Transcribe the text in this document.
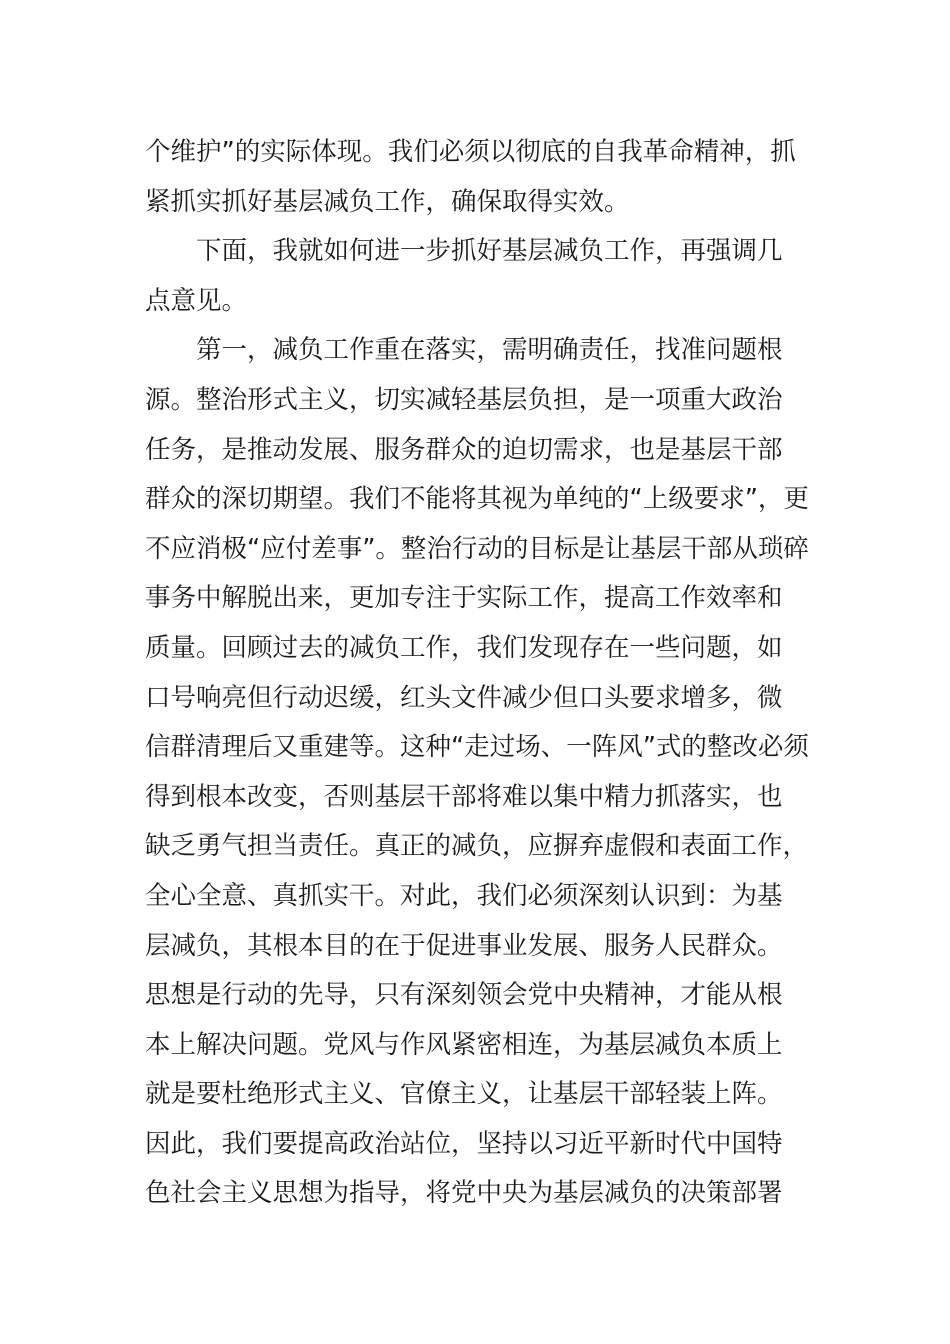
个维护”的实际体现。我们必须以彻底的自我革命精神，抓
紧抓实抓好基层减负工作，确保取得实效。
下面，我就如何进一步抓好基层减负工作，再强调几
点意见。
第一，减负工作重在落实，需明确责任，找准问题根
源。整治形式主义，切实减轻基层负担，是一项重大政治
任务，是推动发展、服务群众的迫切需求，也是基层干部
群众的深切期望。我们不能将其视为单纯的“上级要求”，更
不应消极“应付差事”。整治行动的目标是让基层干部从琐碎
事务中解脱出来，更加专注于实际工作，提高工作效率和
质量。回顾过去的减负工作，我们发现存在一些问题，如
口号响亮但行动迟缓，红头文件减少但口头要求增多，微
信群清理后又重建等。这种“走过场、一阵风”式的整改必须
得到根本改变，否则基层干部将难以集中精力抓落实，也
缺乏勇气担当责任。真正的减负，应摒弃虚假和表面工作，
全心全意、真抓实干。对此，我们必须深刻认识到：为基
层减负，其根本目的在于促进事业发展、服务人民群众。
思想是行动的先导，只有深刻领会党中央精神，才能从根
本上解决问题。党风与作风紧密相连，为基层减负本质上
就是要杜绝形式主义、官僚主义，让基层干部轻装上阵。
因此，我们要提高政治站位，坚持以习近平新时代中国特
色社会主义思想为指导，将党中央为基层减负的决策部署
